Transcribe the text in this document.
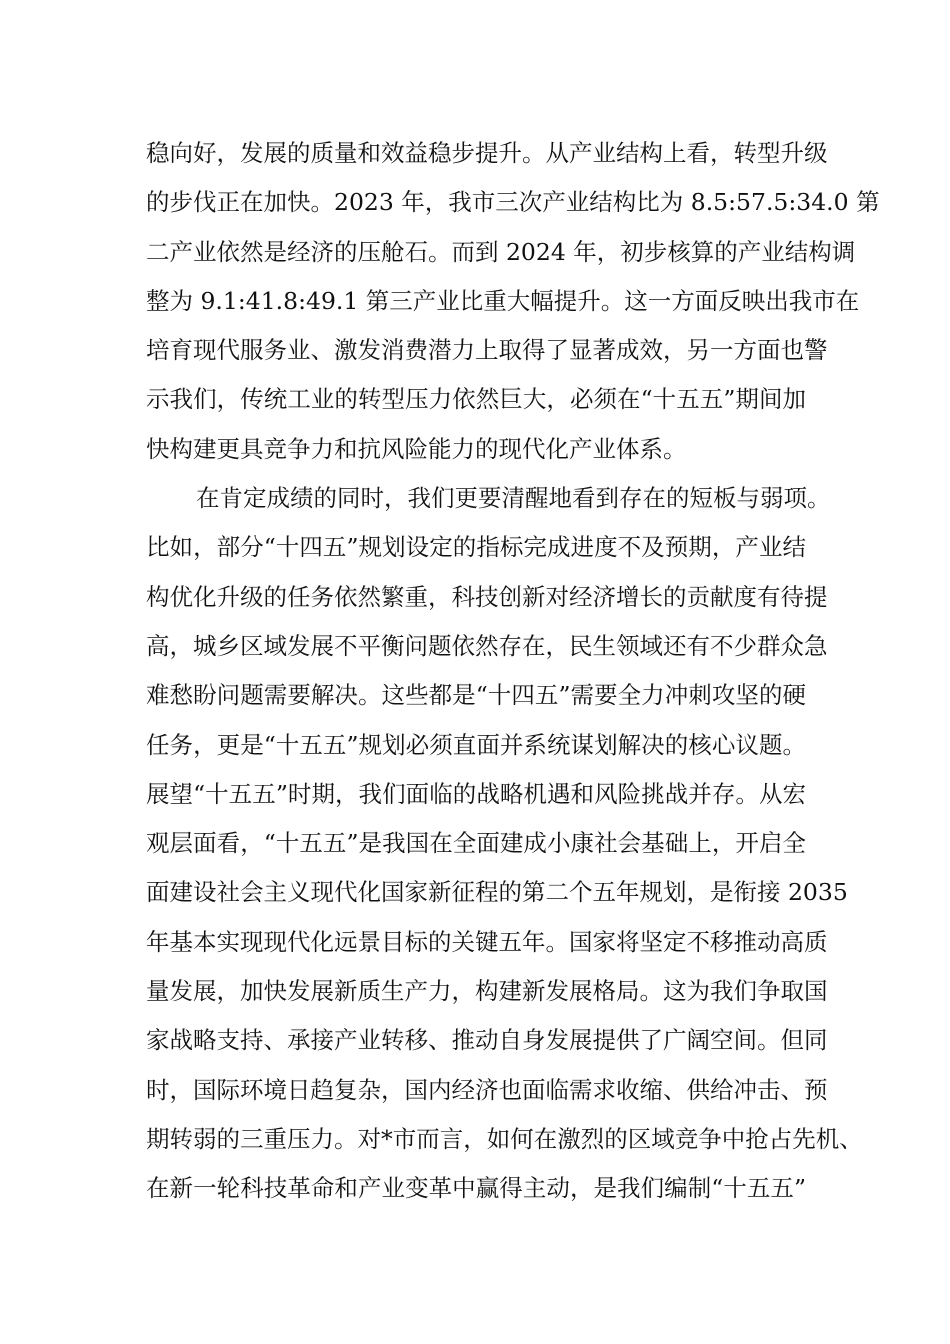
稳向好，发展的质量和效益稳步提升。从产业结构上看，转型升级
的步伐正在加快。2023 年，我市三次产业结构比为 8.5:57.5:34.0 第
二产业依然是经济的压舱石。而到 2024 年，初步核算的产业结构调
整为 9.1:41.8:49.1 第三产业比重大幅提升。这一方面反映出我市在
培育现代服务业、激发消费潜力上取得了显著成效，另一方面也警
示我们，传统工业的转型压力依然巨大，必须在“十五五”期间加
快构建更具竞争力和抗风险能力的现代化产业体系。
在肯定成绩的同时，我们更要清醒地看到存在的短板与弱项。
比如，部分“十四五”规划设定的指标完成进度不及预期，产业结
构优化升级的任务依然繁重，科技创新对经济增长的贡献度有待提
高，城乡区域发展不平衡问题依然存在，民生领域还有不少群众急
难愁盼问题需要解决。这些都是“十四五”需要全力冲刺攻坚的硬
任务，更是“十五五”规划必须直面并系统谋划解决的核心议题。
展望“十五五”时期，我们面临的战略机遇和风险挑战并存。从宏
观层面看，“十五五”是我国在全面建成小康社会基础上，开启全
面建设社会主义现代化国家新征程的第二个五年规划，是衔接 2035
年基本实现现代化远景目标的关键五年。国家将坚定不移推动高质
量发展，加快发展新质生产力，构建新发展格局。这为我们争取国
家战略支持、承接产业转移、推动自身发展提供了广阔空间。但同
时，国际环境日趋复杂，国内经济也面临需求收缩、供给冲击、预
期转弱的三重压力。对*市而言，如何在激烈的区域竞争中抢占先机、
在新一轮科技革命和产业变革中赢得主动，是我们编制“十五五”
